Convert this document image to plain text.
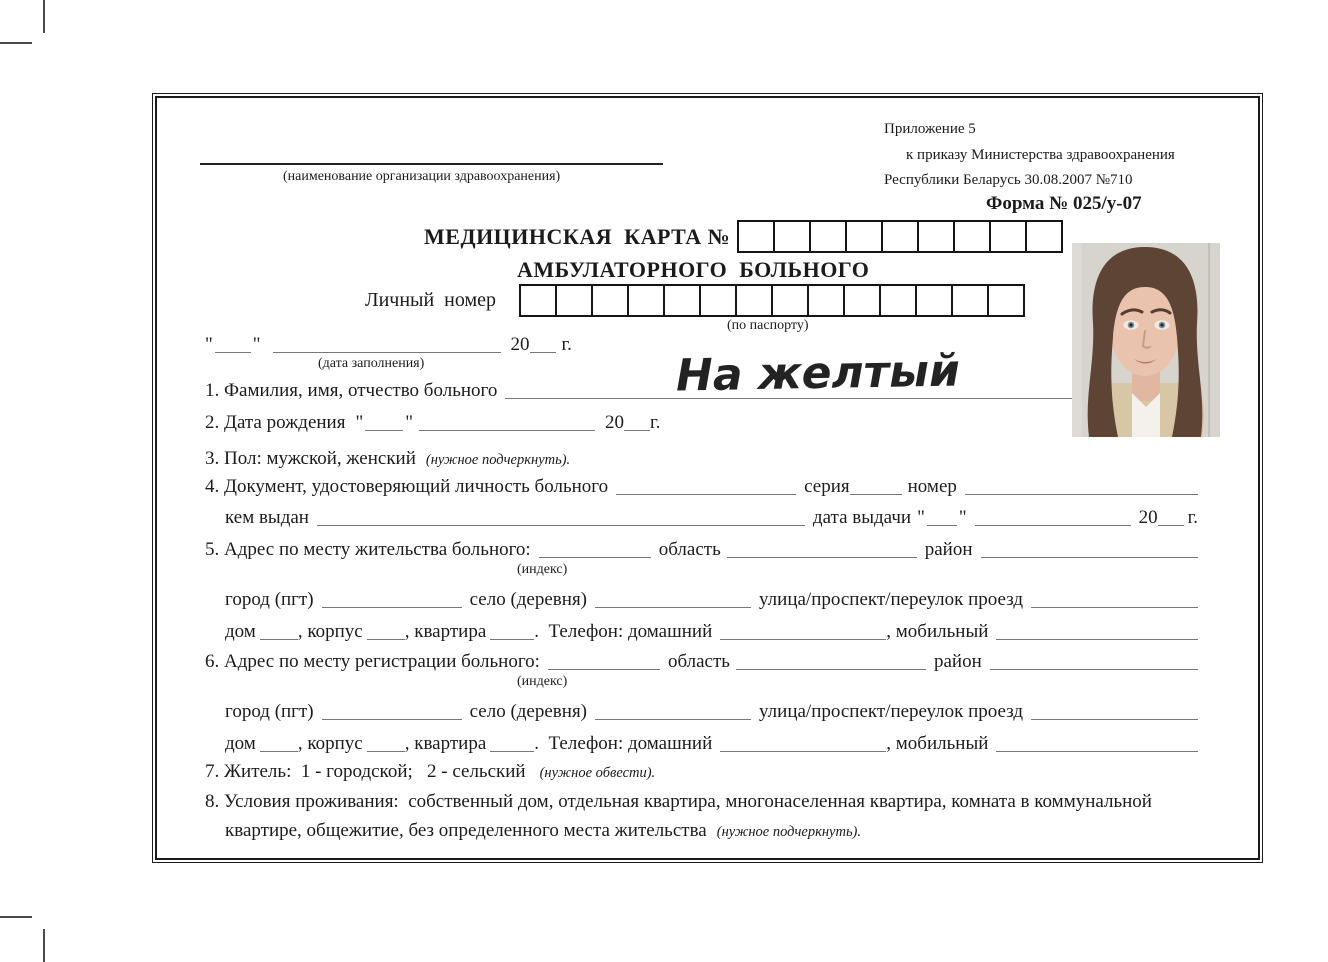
(наименование организации здравоохранения)
Приложение 5
к приказу Министерства здравоохранения
Республики Беларусь 30.08.2007 №710
Форма № 025/у-07
МЕДИЦИНСКАЯ  КАРТА №
АМБУЛАТОРНОГО  БОЛЬНОГО
Личный  номер
(по паспорту)
" "	20 г.
(дата заполнения)	На желтый
1. Фамилия, имя, отчество больного
2. Дата рождения " "	20 г.
3. Пол: мужской, женский (нужное подчеркнуть).
4. Документ, удостоверяющий личность больного	серия	номер
кем выдан	дата выдачи " "	20 г.
5. Адрес по месту жительства больного:	область	район
(индекс)
город (пгт)	село (деревня)	улица/проспект/переулок проезд
дом , корпус , квартира	.  Телефон: домашний	, мобильный
6. Адрес по месту регистрации больного:	область	район
(индекс)
город (пгт)	село (деревня)	улица/проспект/переулок проезд
дом , корпус , квартира	.  Телефон: домашний	, мобильный
7. Житель:  1 - городской;   2 - сельский (нужное обвести).
8. Условия проживания:  собственный дом, отдельная квартира, многонаселенная квартира, комната в коммунальной
квартире, общежитие, без определенного места жительства (нужное подчеркнуть).
